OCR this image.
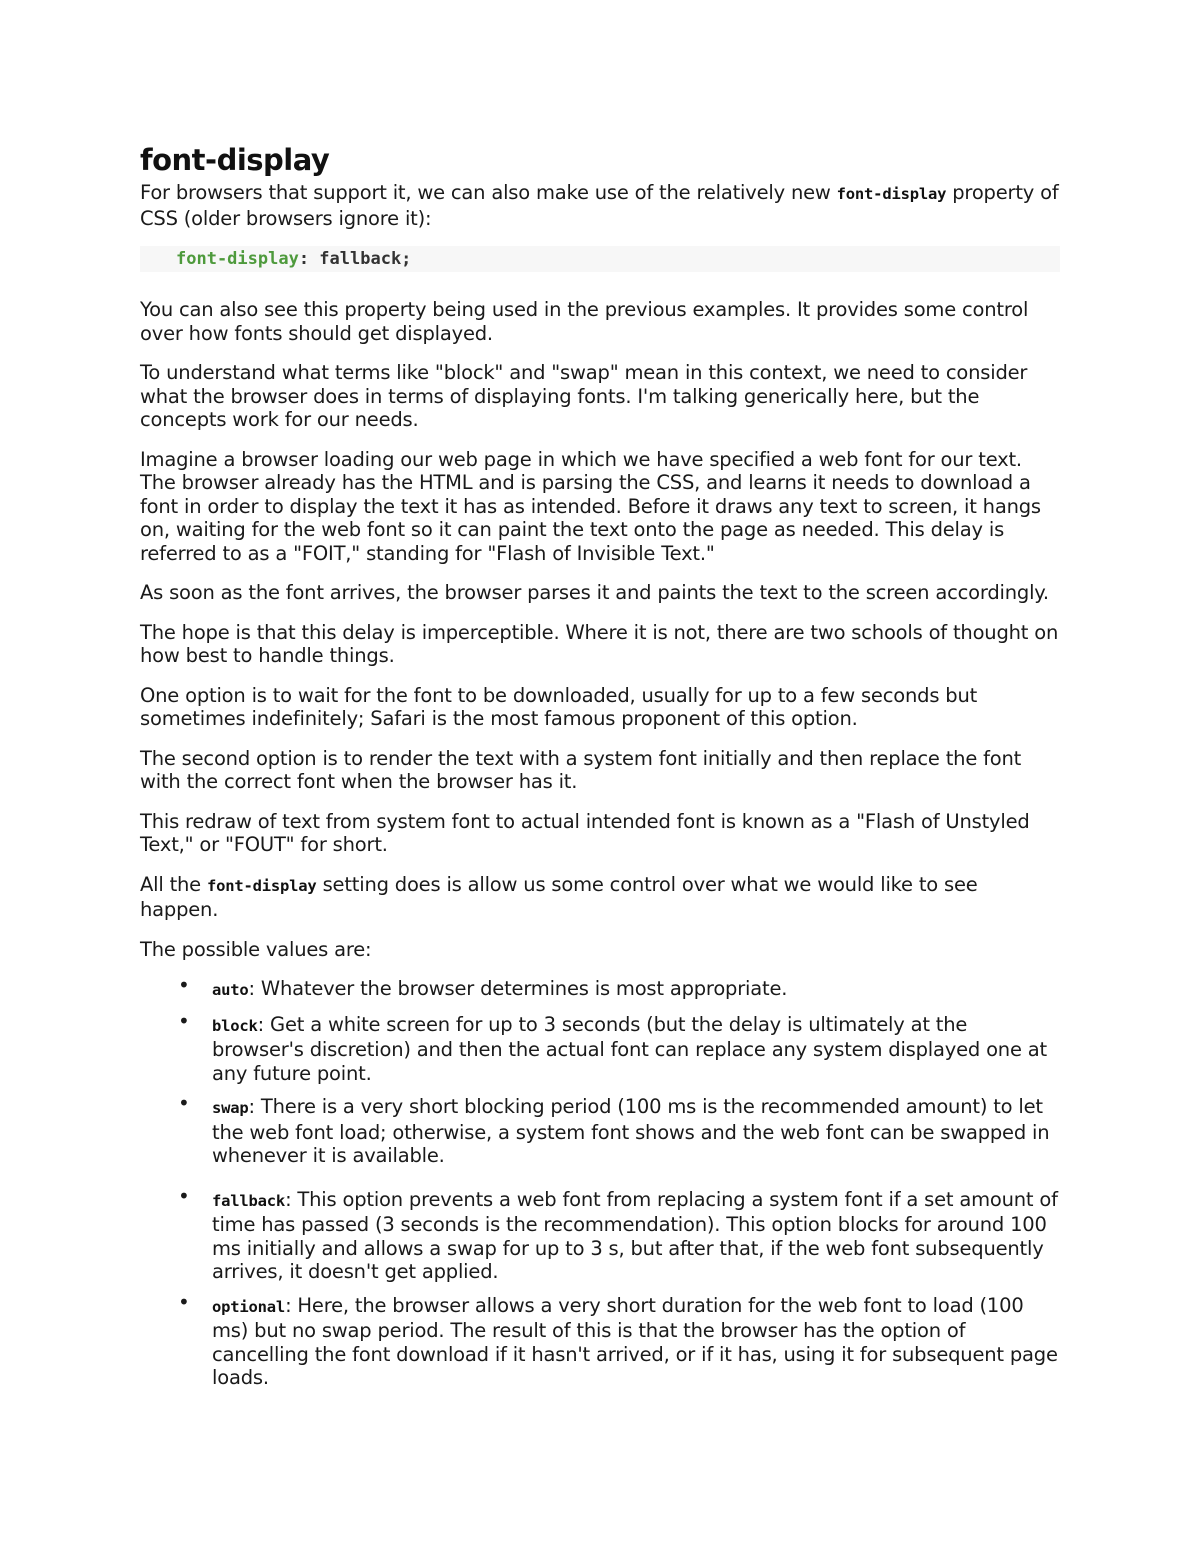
font-display

For browsers that support it, we can also make use of the relatively new font-display property of CSS (older browsers ignore it):

font-display: fallback;

You can also see this property being used in the previous examples. It provides some control over how fonts should get displayed.

To understand what terms like "block" and "swap" mean in this context, we need to consider what the browser does in terms of displaying fonts. I'm talking generically here, but the concepts work for our needs.

Imagine a browser loading our web page in which we have specified a web font for our text. The browser already has the HTML and is parsing the CSS, and learns it needs to download a font in order to display the text it has as intended. Before it draws any text to screen, it hangs on, waiting for the web font so it can paint the text onto the page as needed. This delay is referred to as a "FOIT," standing for "Flash of Invisible Text."

As soon as the font arrives, the browser parses it and paints the text to the screen accordingly.

The hope is that this delay is imperceptible. Where it is not, there are two schools of thought on how best to handle things.

One option is to wait for the font to be downloaded, usually for up to a few seconds but sometimes indefinitely; Safari is the most famous proponent of this option.

The second option is to render the text with a system font initially and then replace the font with the correct font when the browser has it.

This redraw of text from system font to actual intended font is known as a "Flash of Unstyled Text," or "FOUT" for short.

All the font-display setting does is allow us some control over what we would like to see happen.

The possible values are:

• auto: Whatever the browser determines is most appropriate.
• block: Get a white screen for up to 3 seconds (but the delay is ultimately at the browser's discretion) and then the actual font can replace any system displayed one at any future point.
• swap: There is a very short blocking period (100 ms is the recommended amount) to let the web font load; otherwise, a system font shows and the web font can be swapped in whenever it is available.
• fallback: This option prevents a web font from replacing a system font if a set amount of time has passed (3 seconds is the recommendation). This option blocks for around 100 ms initially and allows a swap for up to 3 s, but after that, if the web font subsequently arrives, it doesn't get applied.
• optional: Here, the browser allows a very short duration for the web font to load (100 ms) but no swap period. The result of this is that the browser has the option of cancelling the font download if it hasn't arrived, or if it has, using it for subsequent page loads.
